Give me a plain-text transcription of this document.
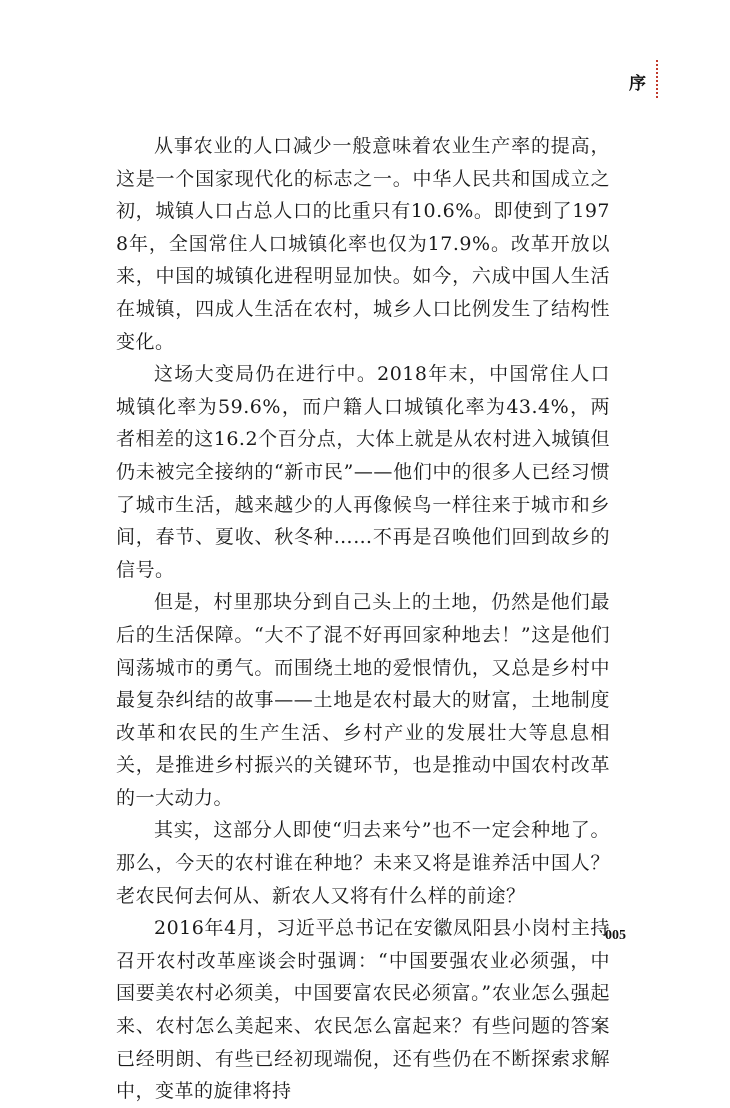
序

从事农业的人口减少一般意味着农业生产率的提高，这是一个国家现代化的标志之一。中华人民共和国成立之初，城镇人口占总人口的比重只有10.6%。即使到了1978年，全国常住人口城镇化率也仅为17.9%。改革开放以来，中国的城镇化进程明显加快。如今，六成中国人生活在城镇，四成人生活在农村，城乡人口比例发生了结构性变化。

这场大变局仍在进行中。2018年末，中国常住人口城镇化率为59.6%，而户籍人口城镇化率为43.4%，两者相差的这16.2个百分点，大体上就是从农村进入城镇但仍未被完全接纳的“新市民”——他们中的很多人已经习惯了城市生活，越来越少的人再像候鸟一样往来于城市和乡间，春节、夏收、秋冬种……不再是召唤他们回到故乡的信号。

但是，村里那块分到自己头上的土地，仍然是他们最后的生活保障。“大不了混不好再回家种地去！”这是他们闯荡城市的勇气。而围绕土地的爱恨情仇，又总是乡村中最复杂纠结的故事——土地是农村最大的财富，土地制度改革和农民的生产生活、乡村产业的发展壮大等息息相关，是推进乡村振兴的关键环节，也是推动中国农村改革的一大动力。

其实，这部分人即使“归去来兮”也不一定会种地了。那么，今天的农村谁在种地？未来又将是谁养活中国人？老农民何去何从、新农人又将有什么样的前途？

2016年4月，习近平总书记在安徽凤阳县小岗村主持召开农村改革座谈会时强调：“中国要强农业必须强，中国要美农村必须美，中国要富农民必须富。”农业怎么强起来、农村怎么美起来、农民怎么富起来？有些问题的答案已经明朗、有些已经初现端倪，还有些仍在不断探索求解中，变革的旋律将持

005
